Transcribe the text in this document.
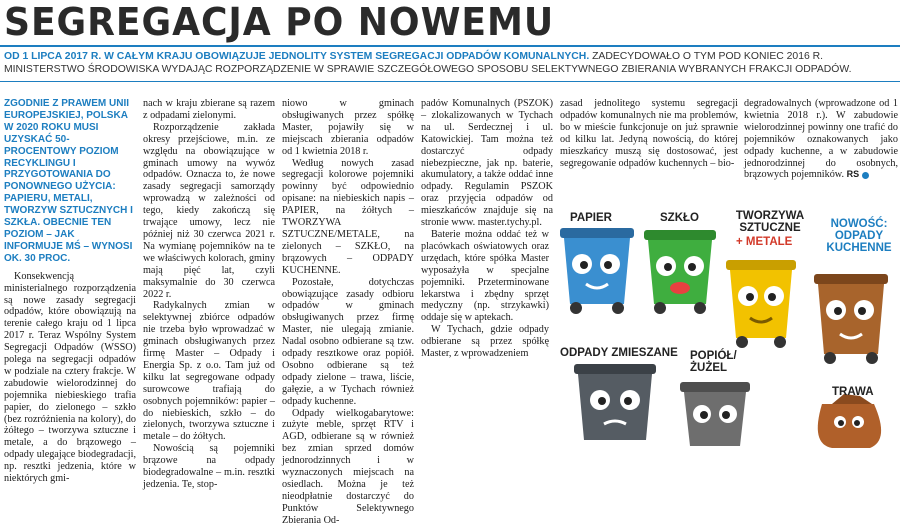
SEGREGACJA PO NOWEMU
OD 1 LIPCA 2017 R. W CAŁYM KRAJU OBOWIĄZUJE JEDNOLITY SYSTEM SEGREGACJI ODPADÓW KOMUNALNYCH. ZADECYDOWAŁO O TYM POD KONIEC 2016 R. MINISTERSTWO ŚRODOWISKA WYDAJĄC ROZPORZĄDZENIE W SPRAWIE SZCZEGÓŁOWEGO SPOSOBU SELEKTYWNEGO ZBIERANIA WYBRANYCH FRAKCJI ODPADÓW.
ZGODNIE Z PRAWEM UNII EUROPEJSKIEJ, POLSKA W 2020 ROKU MUSI UZYSKAĆ 50-PROCENTOWY POZIOM RECYKLINGU I PRZYGOTOWANIA DO PONOWNEGO UŻYCIA: PAPIERU, METALI, TWORZYW SZTUCZNYCH I SZKŁA. OBECNIE TEN POZIOM – JAK INFORMUJE MŚ – WYNOSI OK. 30 PROC.

Konsekwencją ministerialnego rozporządzenia są nowe zasady segregacji odpadów, które obowiązują na terenie całego kraju od 1 lipca 2017 r. Teraz Wspólny System Segregacji Odpadów (WSSO) polega na segregacji odpadów w podziale na cztery frakcje. W zabudowie wielorodzinnej do pojemnika niebieskiego trafia papier, do zielonego – szkło (bez rozróżnienia na kolory), do żółtego – tworzywa sztuczne i metale, a do brązowego – odpady ulegające biodegradacji, np. resztki jedzenia, które w niektórych gmi-

nach w kraju zbierane są razem z odpadami zielonymi.

Rozporządzenie zakłada okresy przejściowe, m.in. ze względu na obowiązujące w gminach umowy na wywóz odpadów. Oznacza to, że nowe zasady segregacji samorządy wprowadzą w zależności od tego, kiedy zakończą się trwające umowy, lecz nie później niż 30 czerwca 2021 r. Na wymianę pojemników na te we właściwych kolorach, gminy mają pięć lat, czyli maksymalnie do 30 czerwca 2022 r.

Radykalnych zmian w selektywnej zbiórce odpadów nie trzeba było wprowadzać w gminach obsługiwanych przez firmę Master – Odpady i Energia Sp. z o.o. Tam już od kilku lat segregowane odpady surowcowe trafiają do osobnych pojemników: papier – do niebieskich, szkło – do zielonych, tworzywa sztuczne i metale – do żółtych.

Nowością są pojemniki brązowe na odpady biodegradowalne – m.in. resztki jedzenia. Te, stop-

niowo w gminach obsługiwanych przez spółkę Master, pojawiły się w miejscach zbierania odpadów od 1 kwietnia 2018 r.

Według nowych zasad segregacji kolorowe pojemniki powinny być odpowiednio opisane: na niebieskich napis – PAPIER, na żółtych – TWORZYWA SZTUCZNE/METALE, na zielonych – SZKŁO, na brązowych – ODPADY KUCHENNE.

Pozostałe, dotychczas obowiązujące zasady odbioru odpadów w gminach obsługiwanych przez firmę Master, nie ulegają zmianie. Nadal osobno odbierane są tzw. odpady resztkowe oraz popiół. Osobno odbierane są też odpady zielone – trawa, liście, gałęzie, a w Tychach również odpady kuchenne.

Odpady wielkogabarytowe: zużyte meble, sprzęt RTV i AGD, odbierane są w również bez zmian sprzed domów jednorodzinnych i w wyznaczonych miejscach na osiedlach. Można je też nieodpłatnie dostarczyć do Punktów Selektywnego Zbierania Od-

padów Komunalnych (PSZOK) – zlokalizowanych w Tychach na ul. Serdecznej i ul. Katowickiej. Tam można też dostarczyć odpady niebezpieczne, jak np. baterie, akumulatory, a także oddać inne odpady. Regulamin PSZOK oraz przyjęcia odpadów od mieszkańców znajduje się na stronie www. master.tychy.pl.

Baterie można oddać też w placówkach oświatowych oraz urzędach, które spółka Master wyposażyła w specjalne pojemniki. Przeterminowane lekarstwa i zbędny sprzęt medyczny (np. strzykawki) oddaje się w aptekach.

W Tychach, gdzie odpady odbierane są przez spółkę Master, z wprowadzeniem

zasad jednolitego systemu segregacji odpadów komunalnych nie ma problemów, bo w mieście funkcjonuje on już sprawnie od kilku lat. Jedyną nowością, do której mieszkańcy muszą się dostosować, jest segregowanie odpadów kuchennych – bio-

degradowalnych (wprowadzone od 1 kwietnia 2018 r.). W zabudowie wielorodzinnej powinny one trafić do pojemników oznakowanych jako odpady kuchenne, a w zabudowie jednorodzinnej do osobnych, brązowych pojemników. RS

PAPIER	SZKŁO	TWORZYWA SZTUCZNE
+ METALE
NOWOŚĆ: ODPADY KUCHENNE
ODPADY ZMIESZANE POPIÓŁ/ ŻUŻEL
TRAWA
